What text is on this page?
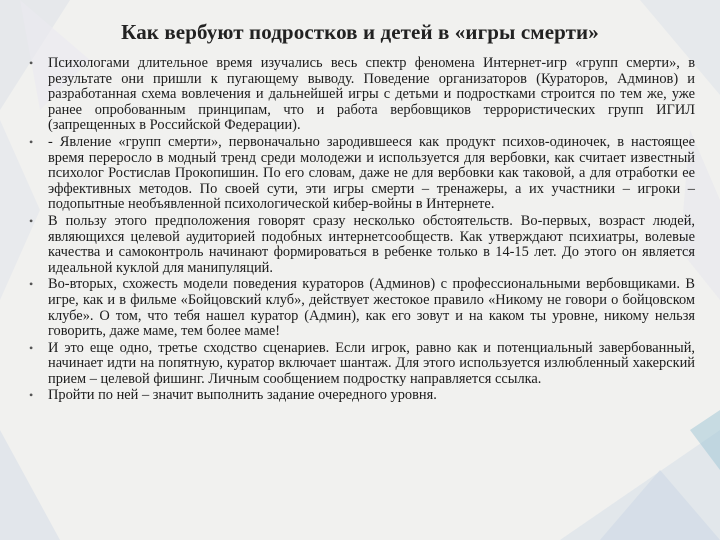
Как вербуют подростков и детей в «игры смерти»
• Психологами длительное время изучались весь спектр феномена Интернет-игр «групп смерти», в результате они пришли к пугающему выводу. Поведение организаторов (Кураторов, Админов) и разработанная схема вовлечения и дальнейшей игры с детьми и подростками строится по тем же, уже ранее опробованным принципам, что и работа вербовщиков террористических групп ИГИЛ (запрещенных в Российской Федерации).
• - Явление «групп смерти», первоначально зародившееся как продукт психов-одиночек, в настоящее время переросло в модный тренд среди молодежи и используется для вербовки, как считает известный психолог Ростислав Прокопишин. По его словам, даже не для вербовки как таковой, а для отработки ее эффективных методов. По своей сути, эти игры смерти – тренажеры, а их участники – игроки – подопытные необъявленной психологической кибер-войны в Интернете.
• В пользу этого предположения говорят сразу несколько обстоятельств. Во-первых, возраст людей, являющихся целевой аудиторией подобных интернетсообществ. Как утверждают психиатры, волевые качества и самоконтроль начинают формироваться в ребенке только в 14-15 лет. До этого он является идеальной куклой для манипуляций.
• Во-вторых, схожесть модели поведения кураторов (Админов) с профессиональными вербовщиками. В игре, как и в фильме «Бойцовский клуб», действует жестокое правило «Никому не говори о бойцовском клубе». О том, что тебя нашел куратор (Админ), как его зовут и на каком ты уровне, никому нельзя говорить, даже маме, тем более маме!
• И это еще одно, третье сходство сценариев. Если игрок, равно как и потенциальный завербованный, начинает идти на попятную, куратор включает шантаж. Для этого используется излюбленный хакерский прием – целевой фишинг. Личным сообщением подростку направляется ссылка.
• Пройти по ней – значит выполнить задание очередного уровня.
